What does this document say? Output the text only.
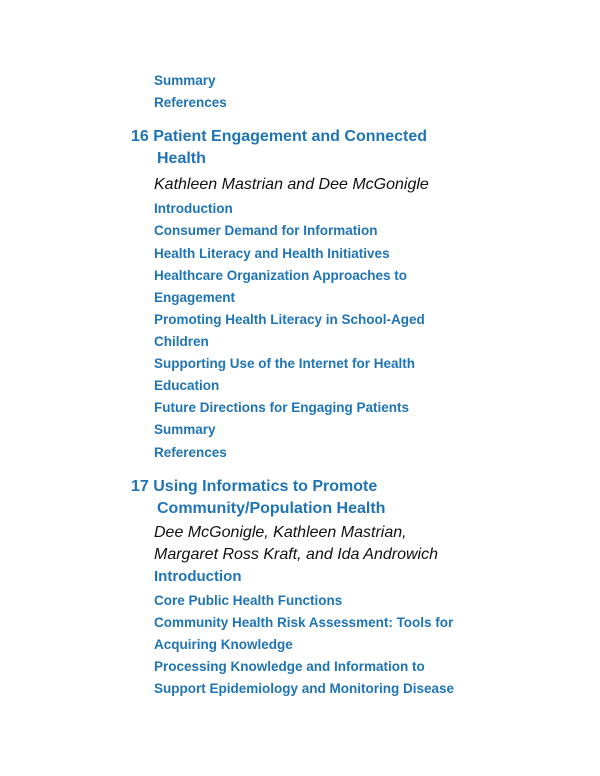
Summary
References
16 Patient Engagement and Connected
Health
Kathleen Mastrian and Dee McGonigle
Introduction
Consumer Demand for Information
Health Literacy and Health Initiatives
Healthcare Organization Approaches to
Engagement
Promoting Health Literacy in School-Aged
Children
Supporting Use of the Internet for Health
Education
Future Directions for Engaging Patients
Summary
References
17 Using Informatics to Promote
Community/Population Health
Dee McGonigle, Kathleen Mastrian,
Margaret Ross Kraft, and Ida Androwich
Introduction
Core Public Health Functions
Community Health Risk Assessment: Tools for
Acquiring Knowledge
Processing Knowledge and Information to
Support Epidemiology and Monitoring Disease
